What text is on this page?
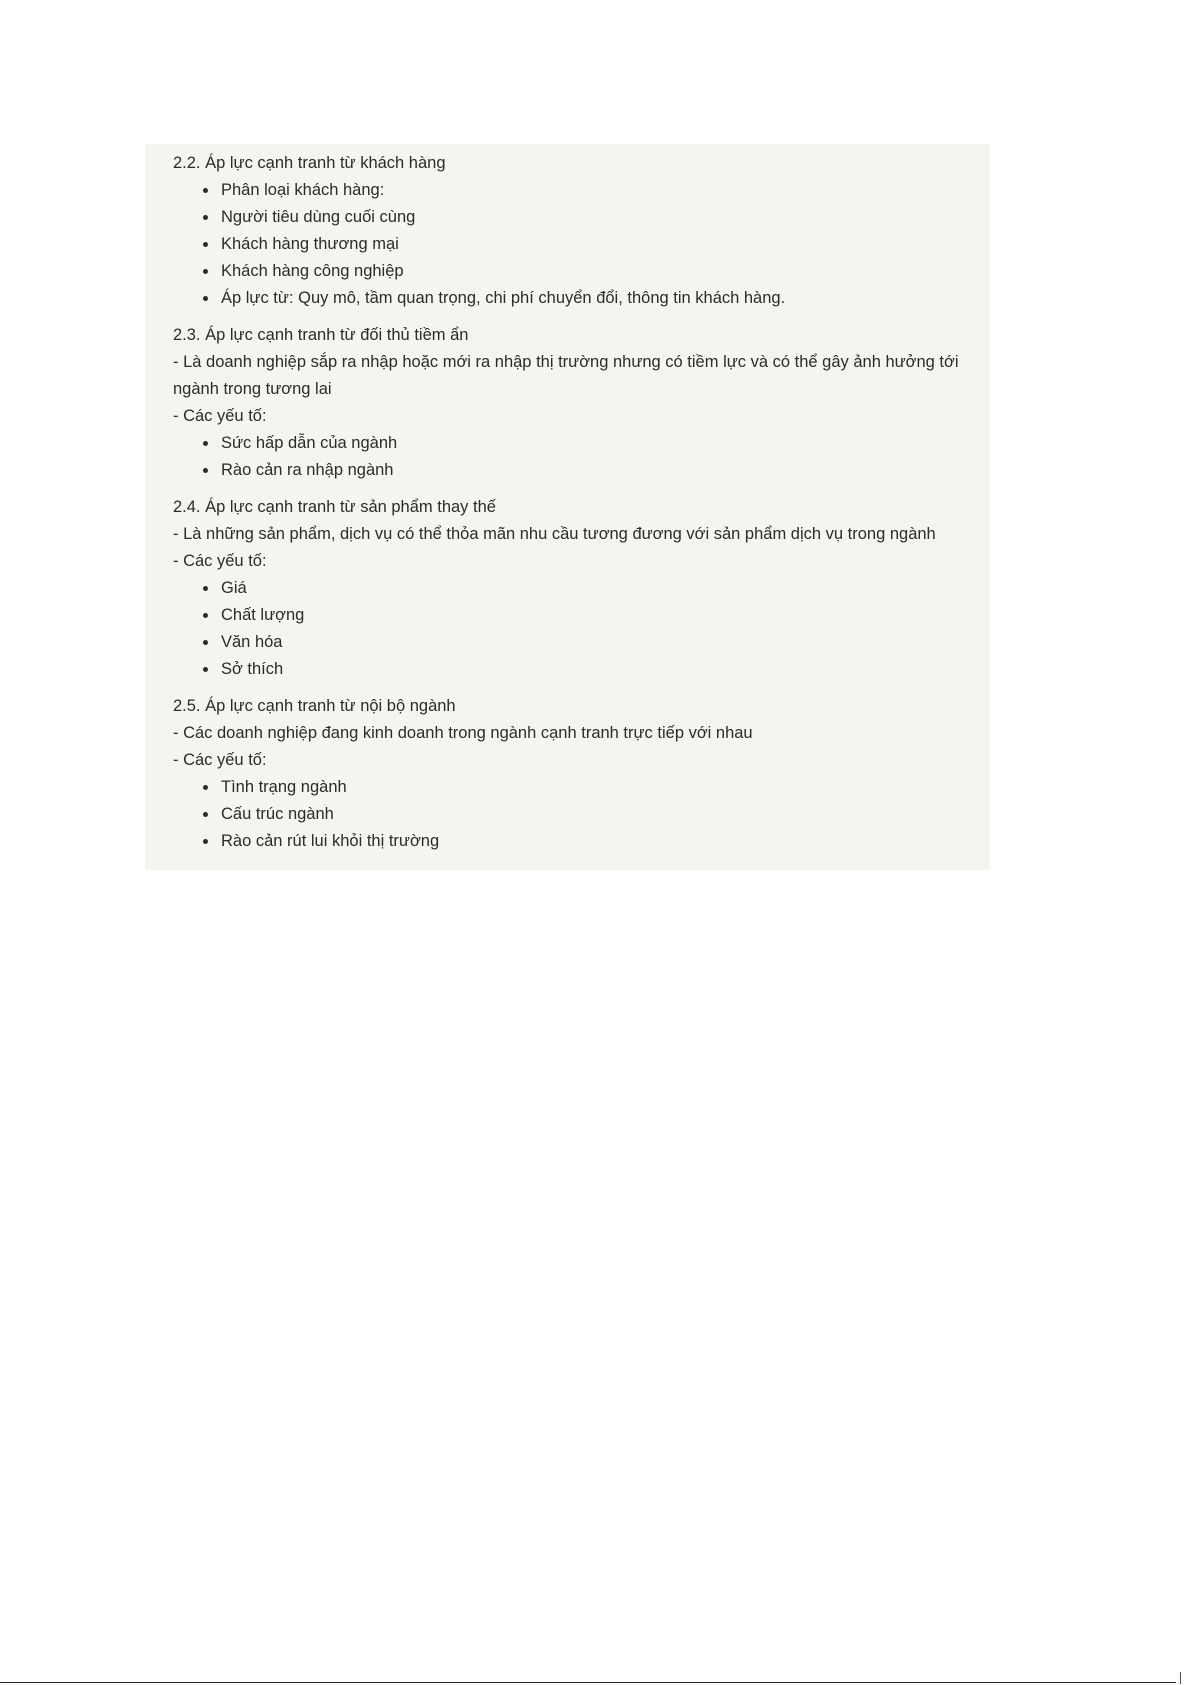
2.2. Áp lực cạnh tranh từ khách hàng

Phân loại khách hàng:
Người tiêu dùng cuối cùng
Khách hàng thương mại
Khách hàng công nghiệp
Áp lực từ: Quy mô, tầm quan trọng, chi phí chuyển đổi, thông tin khách hàng.

2.3. Áp lực cạnh tranh từ đối thủ tiềm ẩn

- Là doanh nghiệp sắp ra nhập hoặc mới ra nhập thị trường nhưng có tiềm lực và có thể gây ảnh hưởng tới ngành trong tương lai

- Các yếu tố:

Sức hấp dẫn của ngành
Rào cản ra nhập ngành

2.4. Áp lực cạnh tranh từ sản phẩm thay thế

- Là những sản phẩm, dịch vụ có thể thỏa mãn nhu cầu tương đương với sản phẩm dịch vụ trong ngành

- Các yếu tố:

Giá
Chất lượng
Văn hóa
Sở thích

2.5. Áp lực cạnh tranh từ nội bộ ngành

- Các doanh nghiệp đang kinh doanh trong ngành cạnh tranh trực tiếp với nhau

- Các yếu tố:

Tình trạng ngành
Cấu trúc ngành
Rào cản rút lui khỏi thị trường
